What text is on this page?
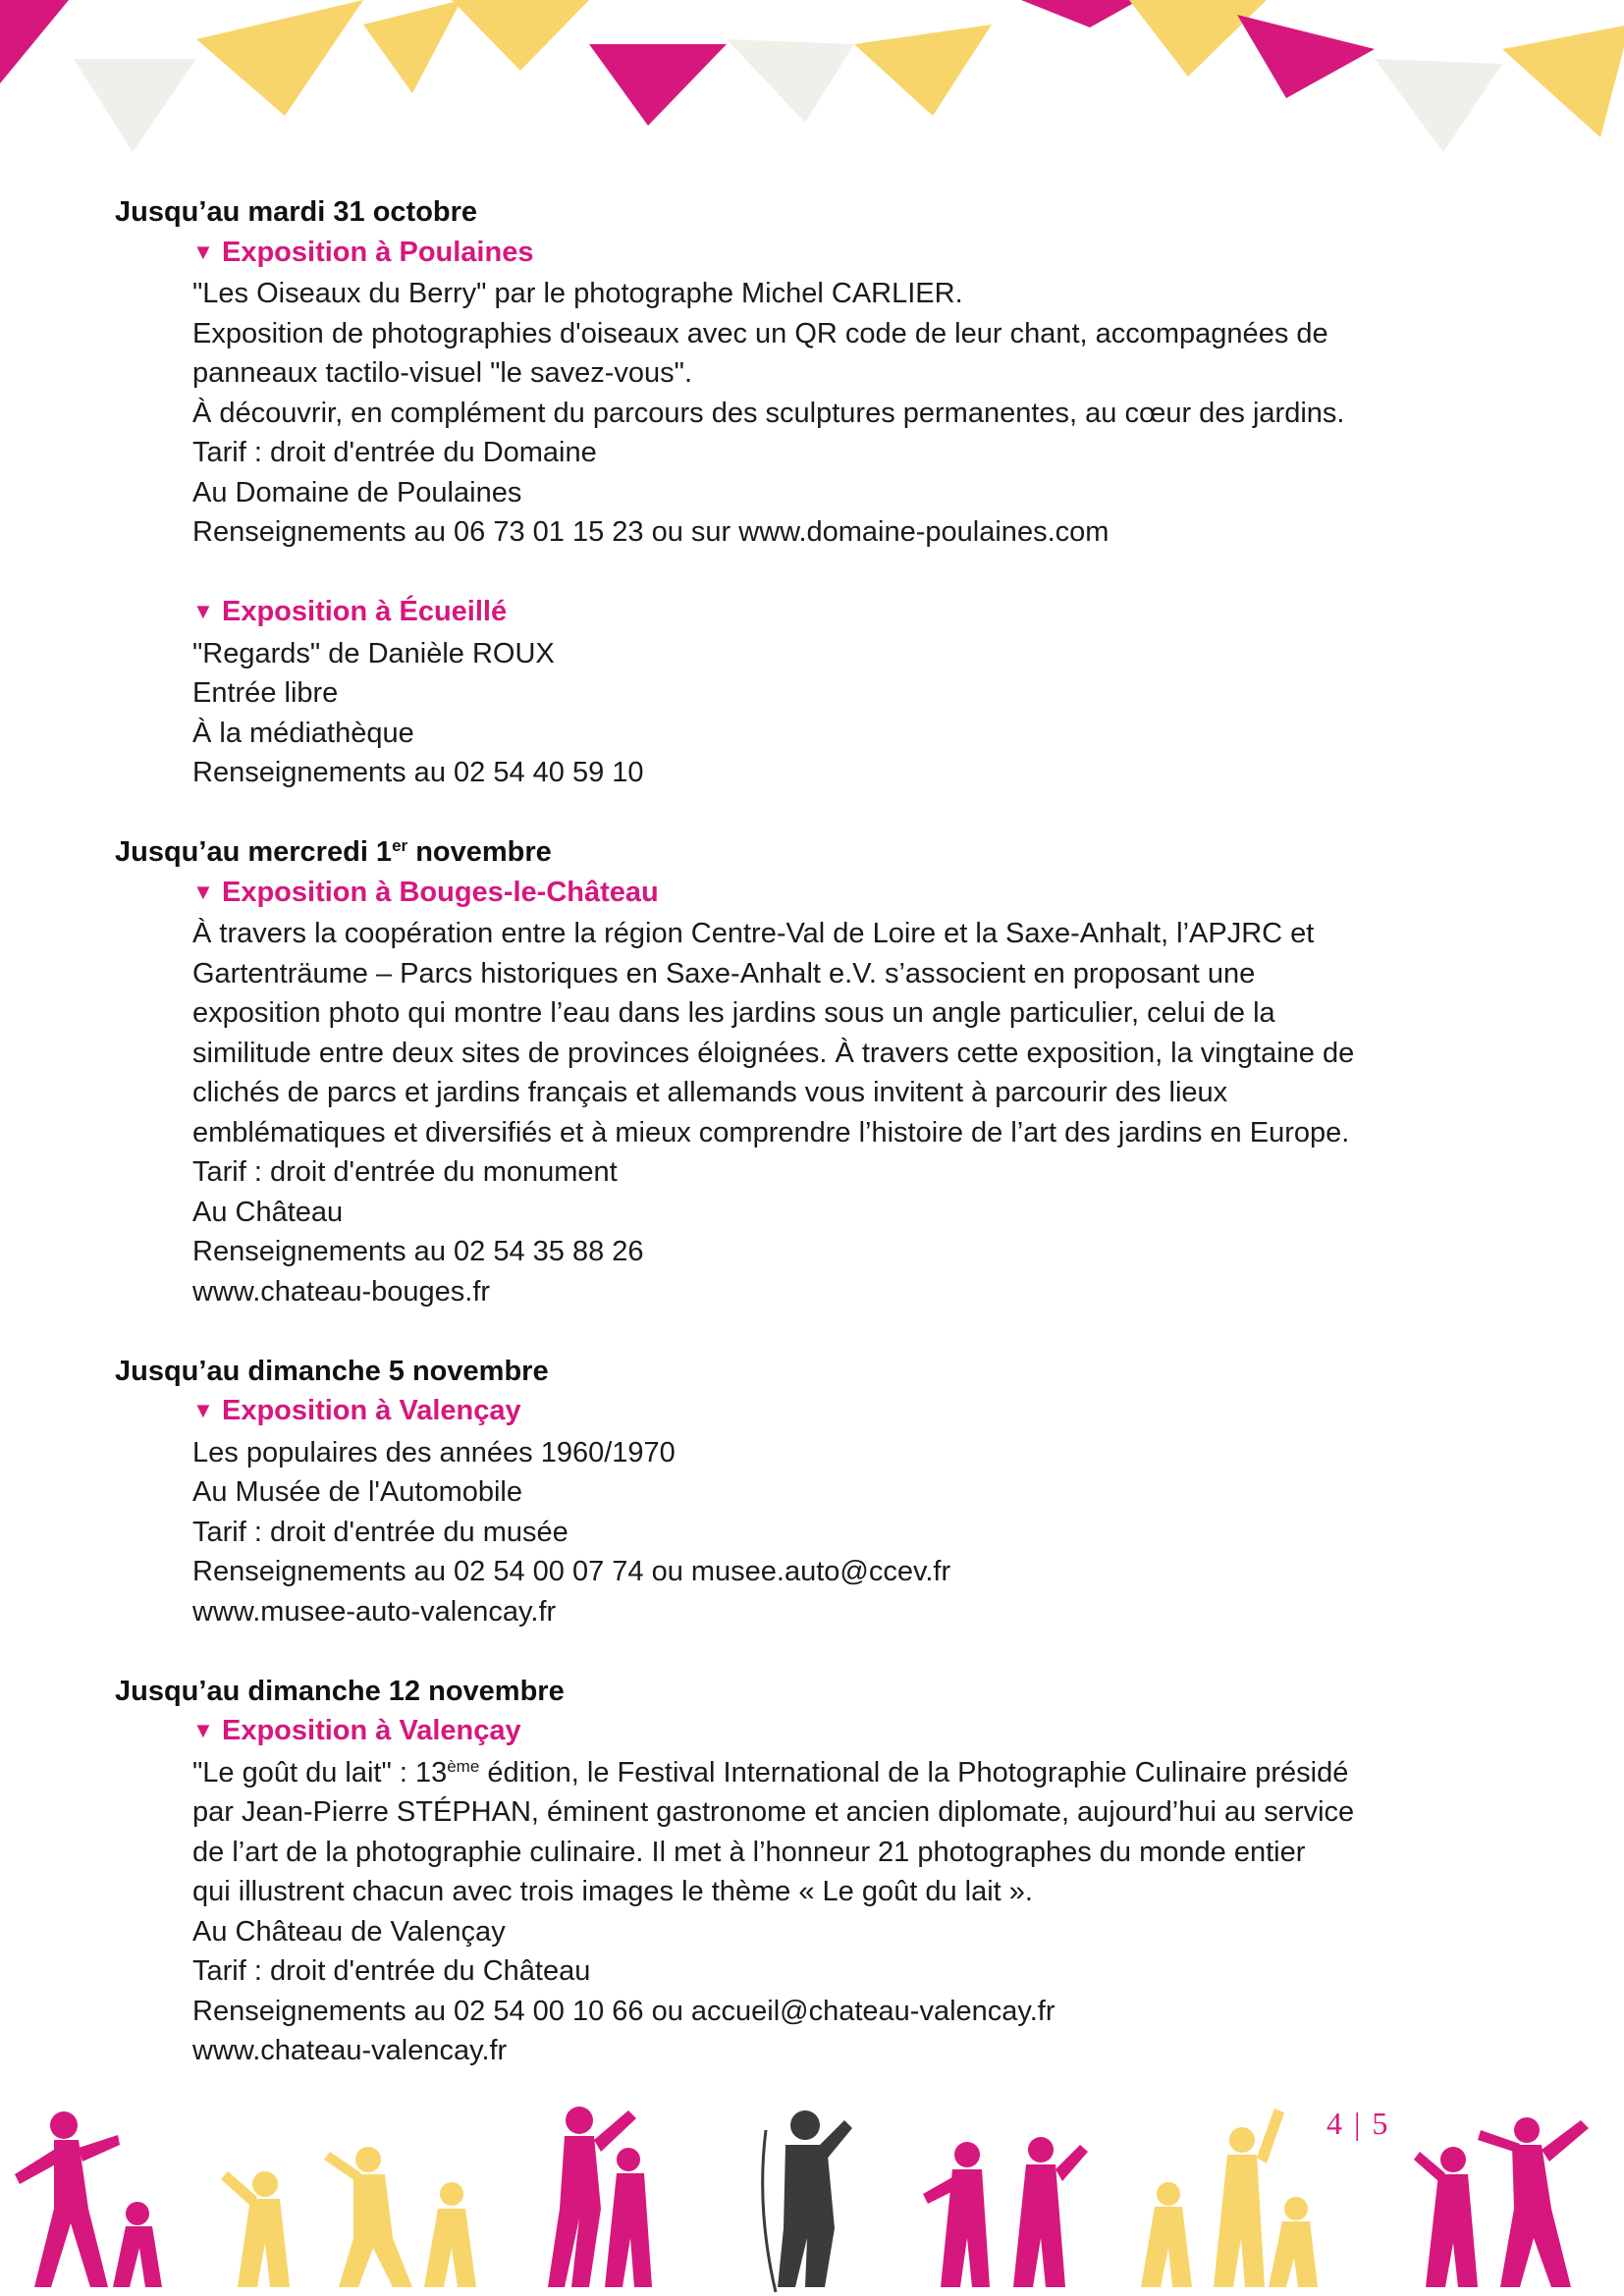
Jusqu’au mardi 31 octobre

▼ Exposition à Poulaines

"Les Oiseaux du Berry" par le photographe Michel CARLIER.

Exposition de photographies d'oiseaux avec un QR code de leur chant, accompagnées de

panneaux tactilo-visuel "le savez-vous".

À découvrir, en complément du parcours des sculptures permanentes, au cœur des jardins.

Tarif : droit d'entrée du Domaine

Au Domaine de Poulaines

Renseignements au 06 73 01 15 23 ou sur www.domaine-poulaines.com

▼ Exposition à Écueillé

"Regards" de Danièle ROUX

Entrée libre

À la médiathèque

Renseignements au 02 54 40 59 10

Jusqu’au mercredi 1er novembre

▼ Exposition à Bouges-le-Château

À travers la coopération entre la région Centre-Val de Loire et la Saxe-Anhalt, l’APJRC et

Gartenträume – Parcs historiques en Saxe-Anhalt e.V. s’associent en proposant une

exposition photo qui montre l’eau dans les jardins sous un angle particulier, celui de la

similitude entre deux sites de provinces éloignées. À travers cette exposition, la vingtaine de

clichés de parcs et jardins français et allemands vous invitent à parcourir des lieux

emblématiques et diversifiés et à mieux comprendre l’histoire de l’art des jardins en Europe.

Tarif : droit d'entrée du monument

Au Château

Renseignements au 02 54 35 88 26

www.chateau-bouges.fr

Jusqu’au dimanche 5 novembre

▼ Exposition à Valençay

Les populaires des années 1960/1970

Au Musée de l'Automobile

Tarif : droit d'entrée du musée

Renseignements au 02 54 00 07 74 ou musee.auto@ccev.fr

www.musee-auto-valencay.fr

Jusqu’au dimanche 12 novembre

▼ Exposition à Valençay

"Le goût du lait" : 13ème édition, le Festival International de la Photographie Culinaire présidé

par Jean-Pierre STÉPHAN, éminent gastronome et ancien diplomate, aujourd’hui au service

de l’art de la photographie culinaire. Il met à l’honneur 21 photographes du monde entier

qui illustrent chacun avec trois images le thème « Le goût du lait ».

Au Château de Valençay

Tarif : droit d'entrée du Château

Renseignements au 02 54 00 10 66 ou accueil@chateau-valencay.fr

www.chateau-valencay.fr

4 | 5
